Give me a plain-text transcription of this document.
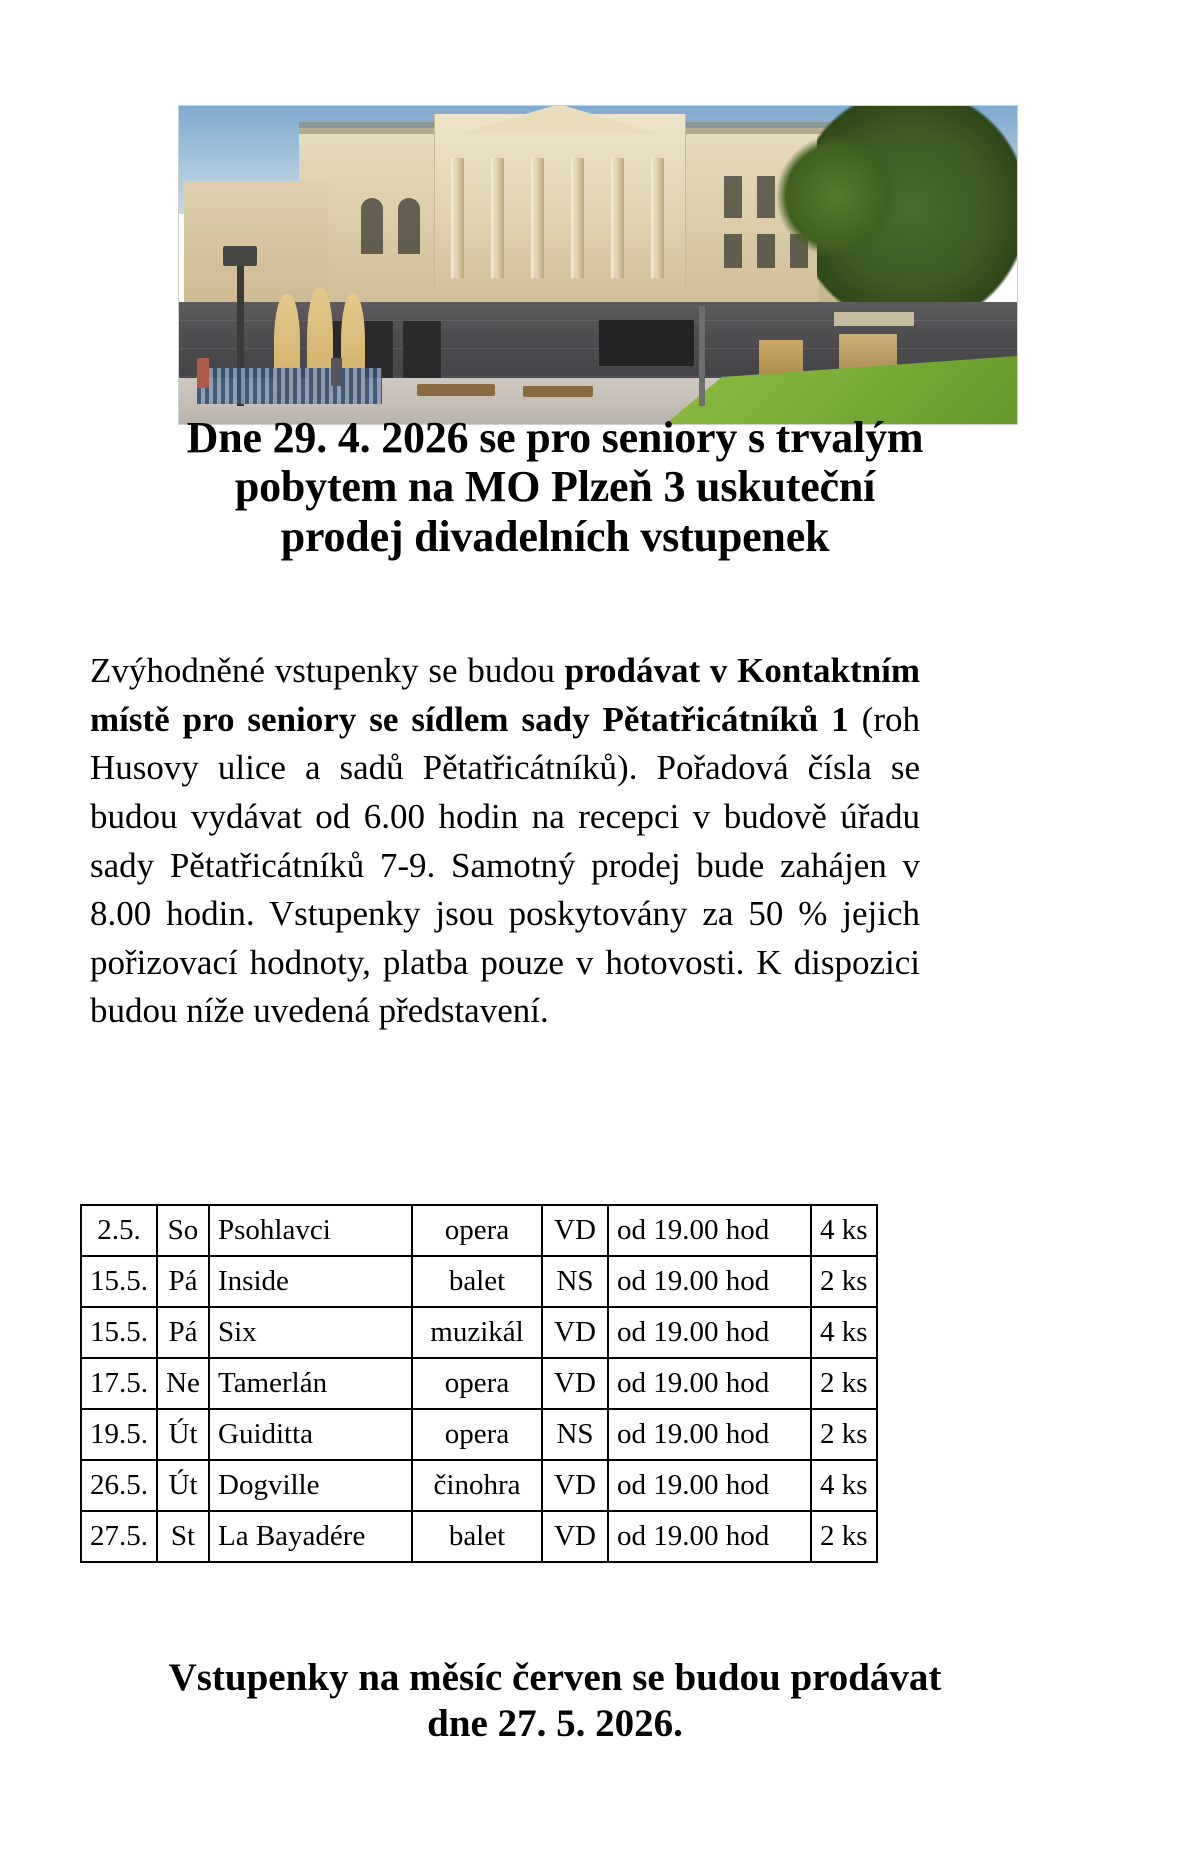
Dne 29. 4. 2026 se pro seniory s trvalým
pobytem na MO Plzeň 3 uskuteční
prodej divadelních vstupenek

Zvýhodněné vstupenky se budou prodávat v Kontaktním místě pro seniory se sídlem sady Pětatřicátníků 1 (roh Husovy ulice a sadů Pětatřicátníků). Pořadová čísla se budou vydávat od 6.00 hodin na recepci v budově úřadu sady Pětatřicátníků 7-9. Samotný prodej bude zahájen v 8.00 hodin. Vstupenky jsou poskytovány za 50 % jejich pořizovací hodnoty, platba pouze v hotovosti. K dispozici budou níže uvedená představení.

2.5.	So	Psohlavci	opera	VD	od 19.00 hod	4 ks
15.5.	Pá	Inside	balet	NS	od 19.00 hod	2 ks
15.5.	Pá	Six	muzikál	VD	od 19.00 hod	4 ks
17.5.	Ne	Tamerlán	opera	VD	od 19.00 hod	2 ks
19.5.	Út	Guiditta	opera	NS	od 19.00 hod	2 ks
26.5.	Út	Dogville	činohra	VD	od 19.00 hod	4 ks
27.5.	St	La Bayadére	balet	VD	od 19.00 hod	2 ks
Vstupenky na měsíc červen se budou prodávat
dne 27. 5. 2026.
